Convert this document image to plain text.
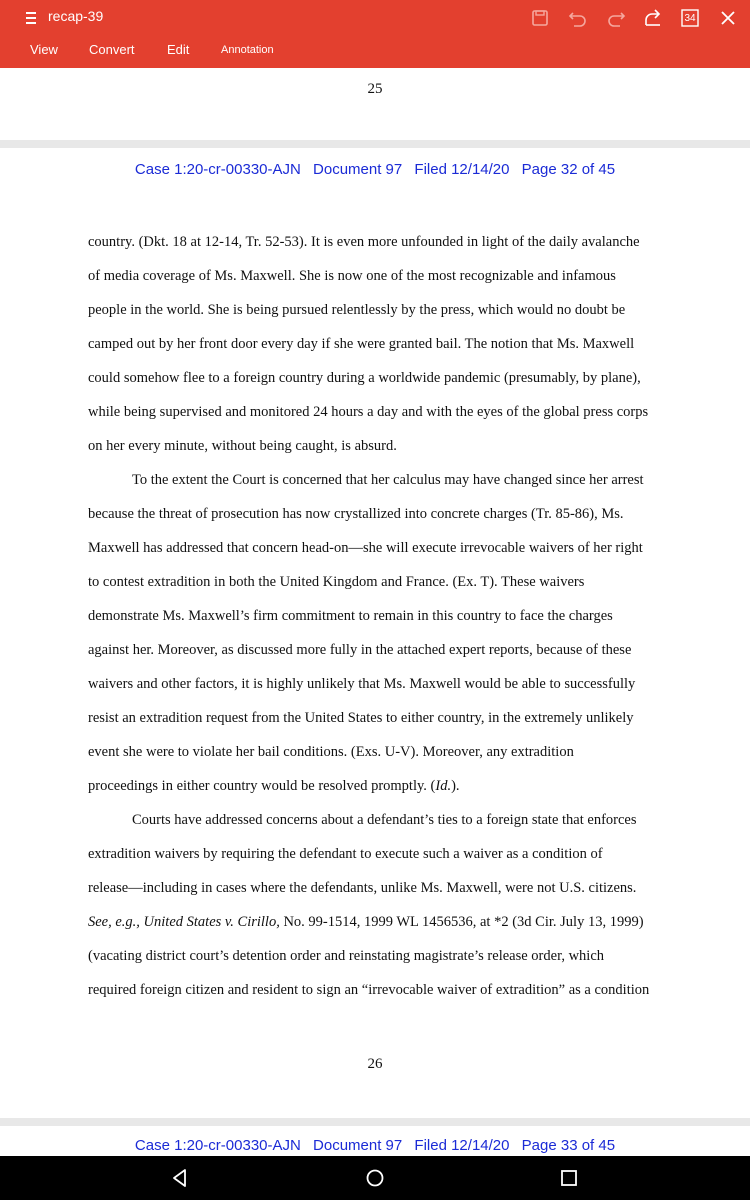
recap-39	34
View Convert Edit	Annotation
25
Case 1:20-cr-00330-AJN Document 97 Filed 12/14/20 Page 32 of 45
country. (Dkt. 18 at 12-14, Tr. 52-53). It is even more unfounded in light of the daily avalanche
of media coverage of Ms. Maxwell. She is now one of the most recognizable and infamous
people in the world. She is being pursued relentlessly by the press, which would no doubt be
camped out by her front door every day if she were granted bail. The notion that Ms. Maxwell
could somehow flee to a foreign country during a worldwide pandemic (presumably, by plane),
while being supervised and monitored 24 hours a day and with the eyes of the global press corps
on her every minute, without being caught, is absurd.
To the extent the Court is concerned that her calculus may have changed since her arrest
because the threat of prosecution has now crystallized into concrete charges (Tr. 85-86), Ms.
Maxwell has addressed that concern head-on—she will execute irrevocable waivers of her right
to contest extradition in both the United Kingdom and France. (Ex. T). These waivers
demonstrate Ms. Maxwell’s firm commitment to remain in this country to face the charges
against her. Moreover, as discussed more fully in the attached expert reports, because of these
waivers and other factors, it is highly unlikely that Ms. Maxwell would be able to successfully
resist an extradition request from the United States to either country, in the extremely unlikely
event she were to violate her bail conditions. (Exs. U-V). Moreover, any extradition
proceedings in either country would be resolved promptly. (Id.).
Courts have addressed concerns about a defendant’s ties to a foreign state that enforces
extradition waivers by requiring the defendant to execute such a waiver as a condition of
release—including in cases where the defendants, unlike Ms. Maxwell, were not U.S. citizens.
See, e.g., United States v. Cirillo, No. 99-1514, 1999 WL 1456536, at *2 (3d Cir. July 13, 1999)
(vacating district court’s detention order and reinstating magistrate’s release order, which
required foreign citizen and resident to sign an “irrevocable waiver of extradition” as a condition
26
Case 1:20-cr-00330-AJN Document 97 Filed 12/14/20 Page 33 of 45
